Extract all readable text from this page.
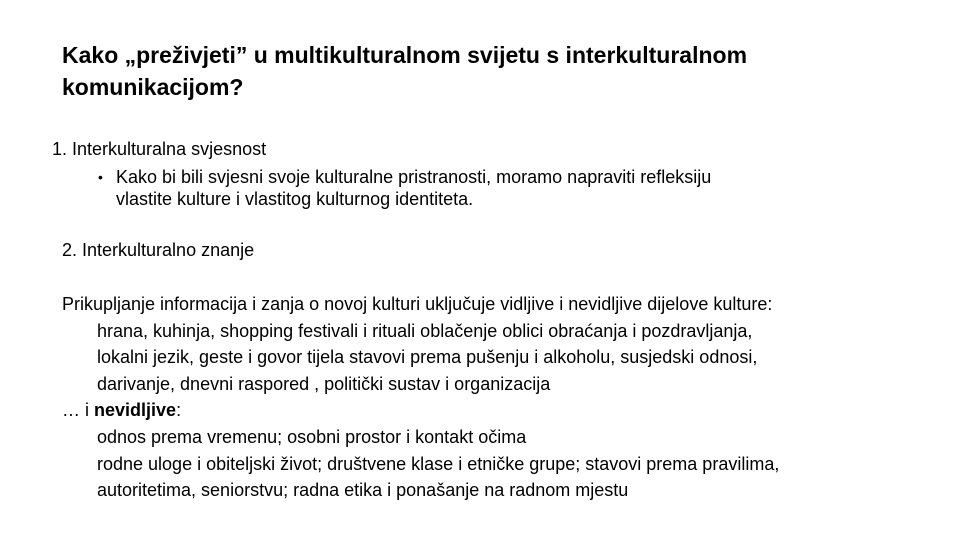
Kako „preživjeti” u multikulturalnom svijetu s interkulturalnom
komunikacijom?

1. Interkulturalna svjesnost

• Kako bi bili svjesni svoje kulturalne pristranosti, moramo napraviti refleksiju
vlastite kulture i vlastitog kulturnog identiteta.

2. Interkulturalno znanje

Prikupljanje informacija i zanja o novoj kulturi uključuje vidljive i nevidljive dijelove kulture:
hrana, kuhinja, shopping festivali i rituali oblačenje oblici obraćanja i pozdravljanja,
lokalni jezik, geste i govor tijela stavovi prema pušenju i alkoholu, susjedski odnosi,
darivanje, dnevni raspored , politički sustav i organizacija
… i nevidljive:
odnos prema vremenu; osobni prostor i kontakt očima
rodne uloge i obiteljski život; društvene klase i etničke grupe; stavovi prema pravilima,
autoritetima, seniorstvu; radna etika i ponašanje na radnom mjestu
